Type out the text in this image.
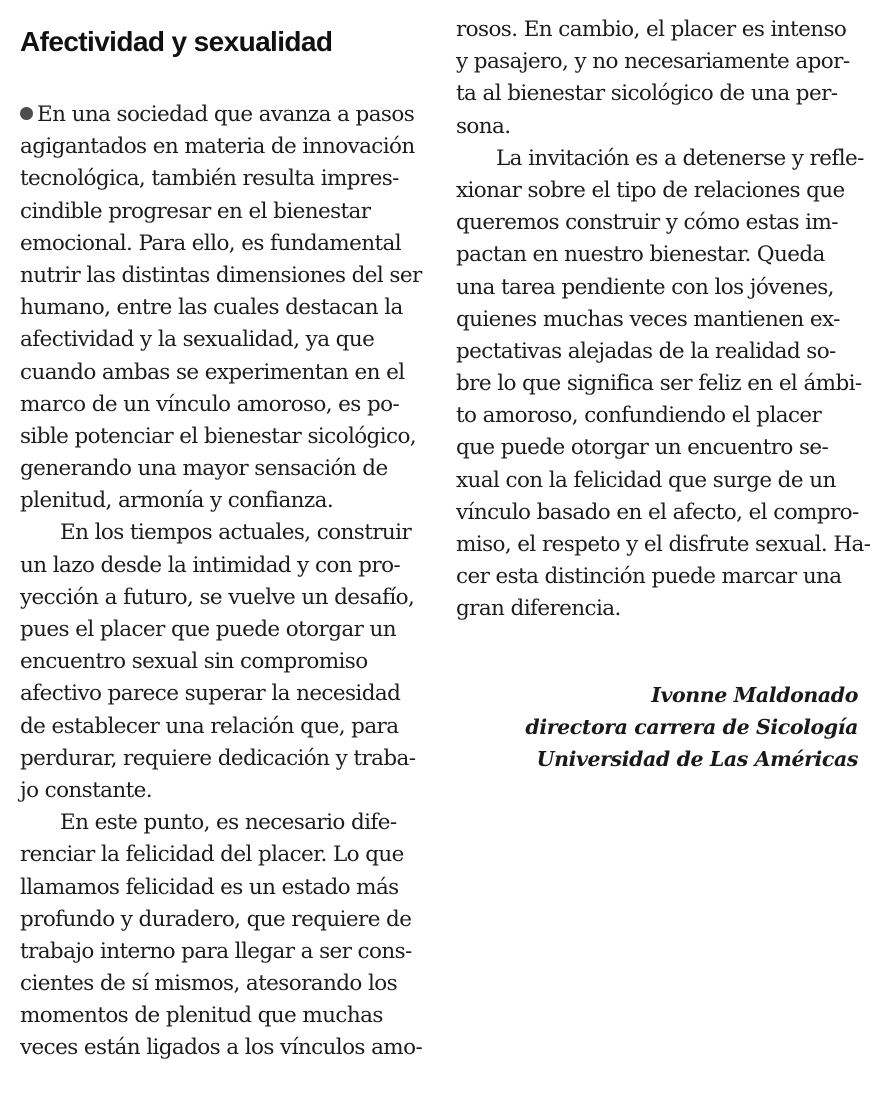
Afectividad y sexualidad
En una sociedad que avanza a pasos
agigantados en materia de innovación
tecnológica, también resulta impres-
cindible progresar en el bienestar
emocional. Para ello, es fundamental
nutrir las distintas dimensiones del ser
humano, entre las cuales destacan la
afectividad y la sexualidad, ya que
cuando ambas se experimentan en el
marco de un vínculo amoroso, es po-
sible potenciar el bienestar sicológico,
generando una mayor sensación de
plenitud, armonía y confianza.
En los tiempos actuales, construir
un lazo desde la intimidad y con pro-
yección a futuro, se vuelve un desafío,
pues el placer que puede otorgar un
encuentro sexual sin compromiso
afectivo parece superar la necesidad
de establecer una relación que, para
perdurar, requiere dedicación y traba-
jo constante.
En este punto, es necesario dife-
renciar la felicidad del placer. Lo que
llamamos felicidad es un estado más
profundo y duradero, que requiere de
trabajo interno para llegar a ser cons-
cientes de sí mismos, atesorando los
momentos de plenitud que muchas
veces están ligados a los vínculos amo-
rosos. En cambio, el placer es intenso
y pasajero, y no necesariamente apor-
ta al bienestar sicológico de una per-
sona.
La invitación es a detenerse y refle-
xionar sobre el tipo de relaciones que
queremos construir y cómo estas im-
pactan en nuestro bienestar. Queda
una tarea pendiente con los jóvenes,
quienes muchas veces mantienen ex-
pectativas alejadas de la realidad so-
bre lo que significa ser feliz en el ámbi-
to amoroso, confundiendo el placer
que puede otorgar un encuentro se-
xual con la felicidad que surge de un
vínculo basado en el afecto, el compro-
miso, el respeto y el disfrute sexual. Ha-
cer esta distinción puede marcar una
gran diferencia.
Ivonne Maldonado
directora carrera de Sicología
Universidad de Las Américas
